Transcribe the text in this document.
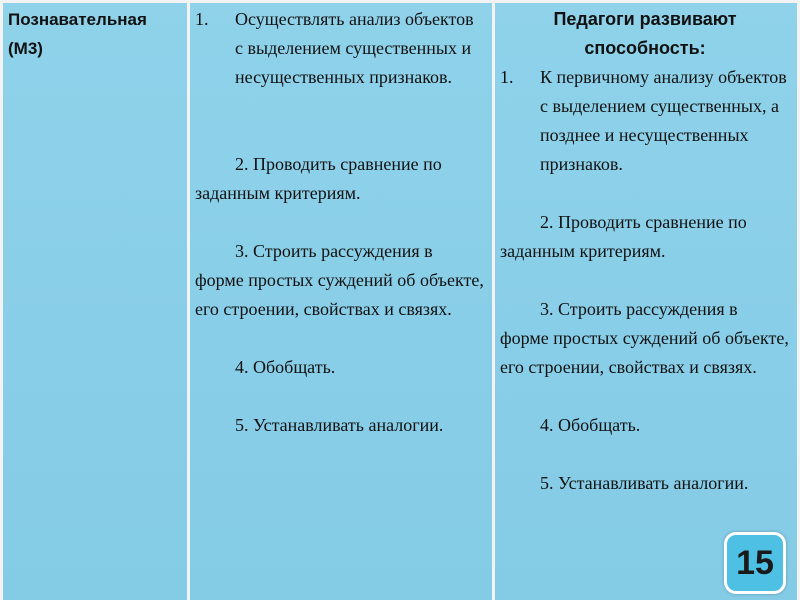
Познавательная (М3)
1. Осуществлять анализ объектов с выделением существенных и несущественных признаков.
2. Проводить сравнение по заданным критериям.
3. Строить рассуждения в форме простых суждений об объекте, его строении, свойствах и связях.
4. Обобщать.
5. Устанавливать аналогии.
Педагоги развивают способность:
1. К первичному анализу объектов с выделением существенных, а позднее и несущественных признаков.
2. Проводить сравнение по заданным критериям.
3. Строить рассуждения в форме простых суждений об объекте, его строении, свойствах и связях.
4. Обобщать.
5. Устанавливать аналогии.
15
